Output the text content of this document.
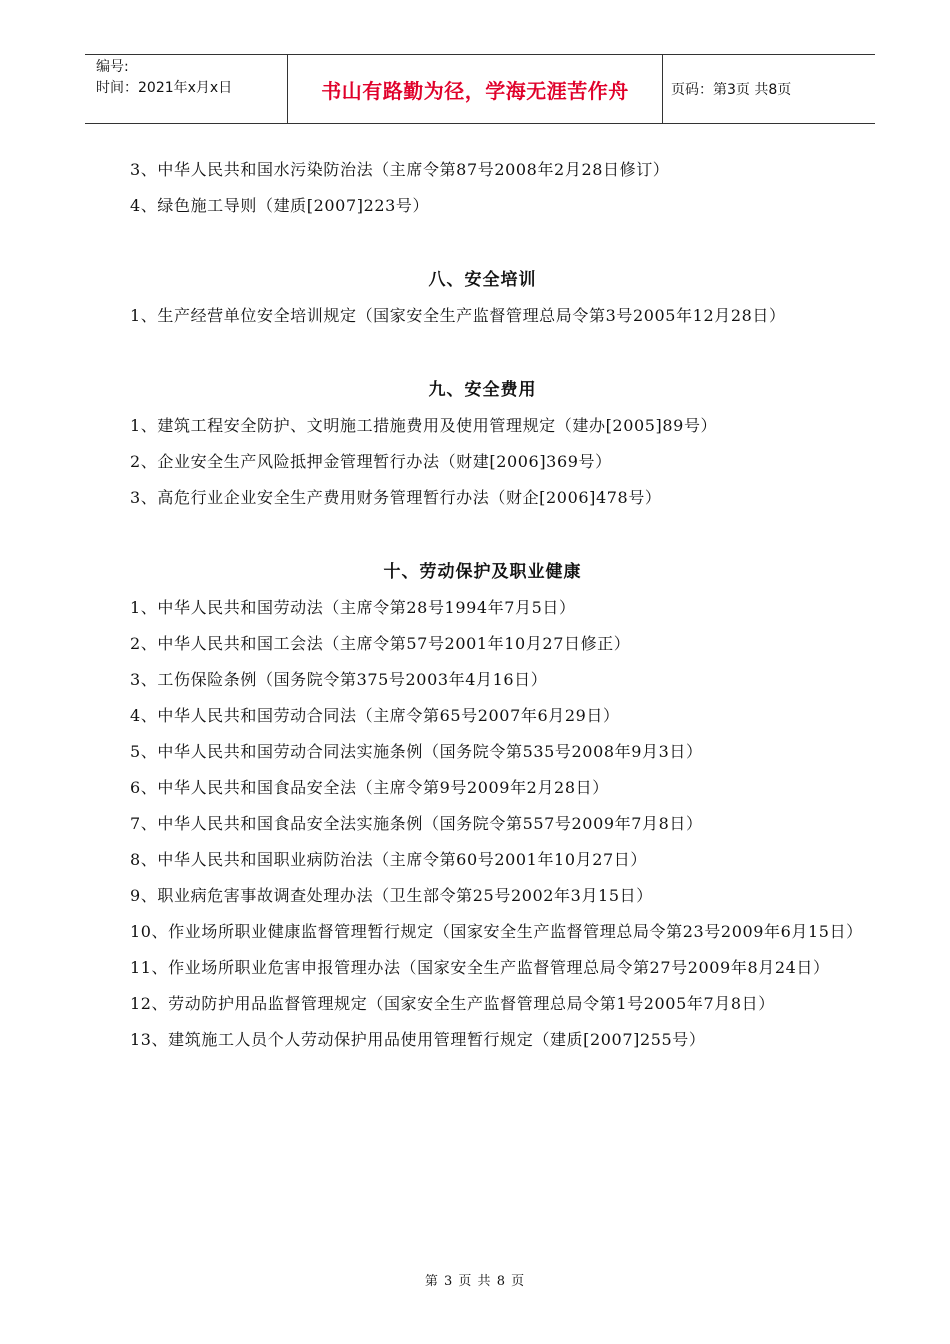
编号:
时间：2021年x月x日	书山有路勤为径，学海无涯苦作舟	页码：第3页 共8页

3、中华人民共和国水污染防治法（主席令第87号2008年2月28日修订）

4、绿色施工导则（建质[2007]223号）

八、安全培训

1、生产经营单位安全培训规定（国家安全生产监督管理总局令第3号2005年12月28日）

九、安全费用

1、建筑工程安全防护、文明施工措施费用及使用管理规定（建办[2005]89号）

2、企业安全生产风险抵押金管理暂行办法（财建[2006]369号）

3、高危行业企业安全生产费用财务管理暂行办法（财企[2006]478号）

十、劳动保护及职业健康

1、中华人民共和国劳动法（主席令第28号1994年7月5日）

2、中华人民共和国工会法（主席令第57号2001年10月27日修正）

3、工伤保险条例（国务院令第375号2003年4月16日）

4、中华人民共和国劳动合同法（主席令第65号2007年6月29日）

5、中华人民共和国劳动合同法实施条例（国务院令第535号2008年9月3日）

6、中华人民共和国食品安全法（主席令第9号2009年2月28日）

7、中华人民共和国食品安全法实施条例（国务院令第557号2009年7月8日）

8、中华人民共和国职业病防治法（主席令第60号2001年10月27日）

9、职业病危害事故调查处理办法（卫生部令第25号2002年3月15日）

10、作业场所职业健康监督管理暂行规定（国家安全生产监督管理总局令第23号2009年6月15日）

11、作业场所职业危害申报管理办法（国家安全生产监督管理总局令第27号2009年8月24日）

12、劳动防护用品监督管理规定（国家安全生产监督管理总局令第1号2005年7月8日）

13、建筑施工人员个人劳动保护用品使用管理暂行规定（建质[2007]255号）

第 3 页 共 8 页
